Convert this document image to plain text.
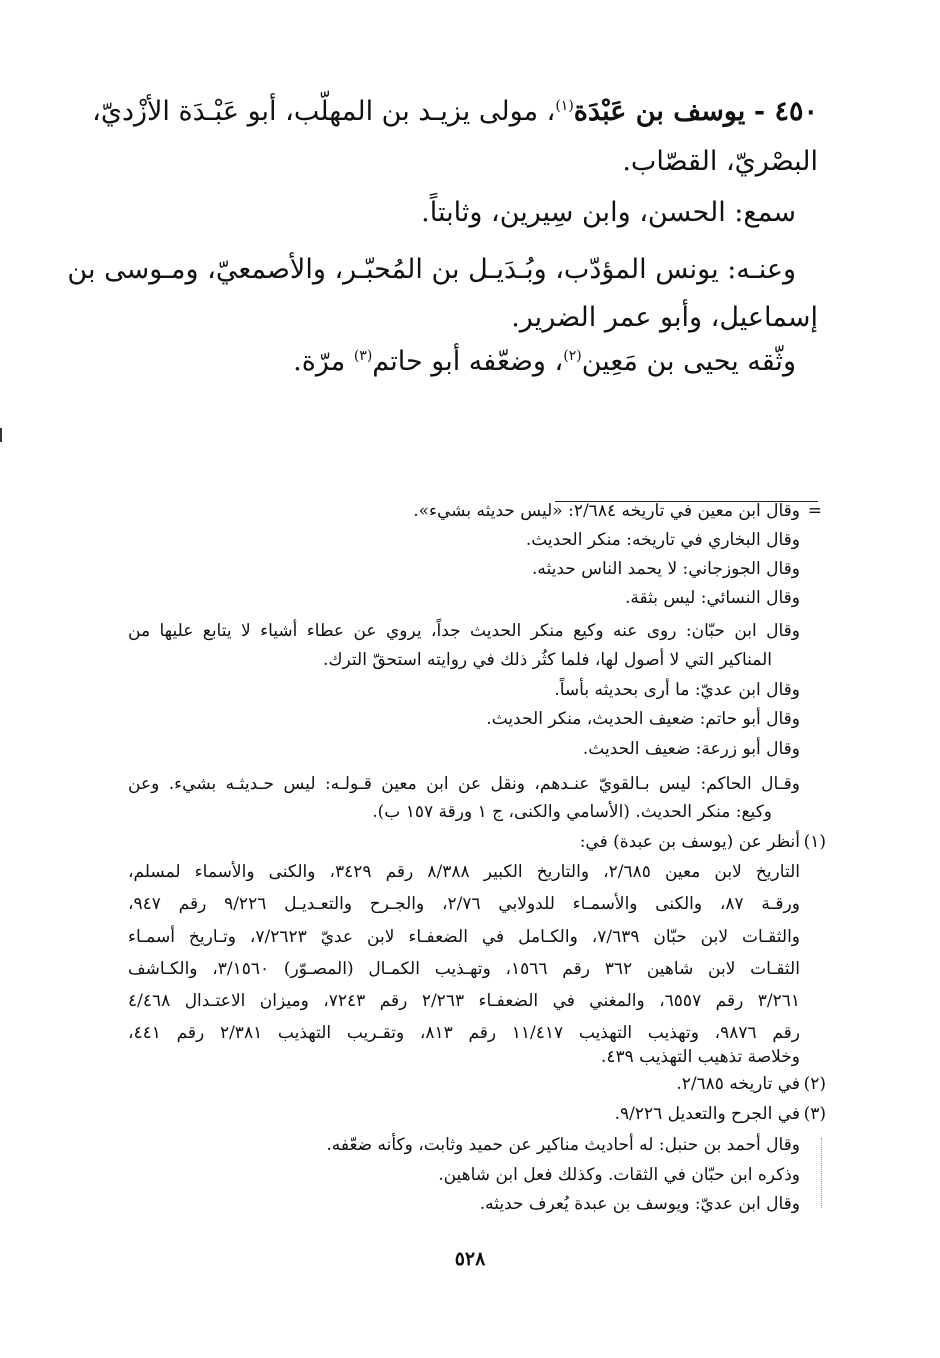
٤٥٠ - يوسف بن عَبْدَة$^{(١)}$، مولى يزيـد بن المهلّب، أبو عَبْـدَة الأزْديّ،
البصْريّ، القصّاب.
سمع: الحسن، وابن سِيرين، وثابتاً.
وعنـه: يونس المؤدّب، وبُـدَيـل بن المُحبّـر، والأصمعيّ، ومـوسى بن
إسماعيل، وأبو عمر الضرير.
وثّقه يحيى بن مَعِين$^{(٢)}$، وضعّفه أبو حاتم$^{(٣)}$ مرّة.
=
وقال ابن معين في تاريخه ٢/٦٨٤: «ليس حديثه بشيء».
وقال البخاري في تاريخه: منكر الحديث.
وقال الجوزجاني: لا يحمد الناس حديثه.
وقال النسائي: ليس بثقة.
وقال ابن حبّان: روى عنه وكيع منكر الحديث جداً، يروي عن عطاء أشياء لا يتابع عليها من
المناكير التي لا أصول لها، فلما كثُر ذلك في روايته استحقّ الترك.
وقال ابن عديّ: ما أرى بحديثه بأساً.
وقال أبو حاتم: ضعيف الحديث، منكر الحديث.
وقال أبو زرعة: ضعيف الحديث.
وقـال الحاكم: ليس بـالقويّ عنـدهم، ونقل عن ابن معين قـولـه: ليس حـديثـه بشيء. وعن
وكيع: منكر الحديث. (الأسامي والكنى، ج ١ ورقة ١٥٧ ب).
(١)
أنظر عن (يوسف بن عبدة) في:
التاريخ لابن معين ٢/٦٨٥، والتاريخ الكبير ٨/٣٨٨ رقم ٣٤٢٩، والكنى والأسماء لمسلم،
ورقـة ٨٧، والكنى والأسمـاء للدولابي ٢/٧٦، والجـرح والتعـديـل ٩/٢٢٦ رقم ٩٤٧،
والثقـات لابن حبّان ٧/٦٣٩، والكـامل في الضعفـاء لابن عديّ ٧/٢٦٢٣، وتـاريخ أسمـاء
الثقـات لابن شاهين ٣٦٢ رقم ١٥٦٦، وتهـذيب الكمـال (المصـوّر) ٣/١٥٦٠، والكـاشف
٣/٢٦١ رقم ٦٥٥٧، والمغني في الضعفـاء ٢/٢٦٣ رقم ٧٢٤٣، وميزان الاعتـدال ٤/٤٦٨
رقم ٩٨٧٦، وتهذيب التهذيب ١١/٤١٧ رقم ٨١٣، وتقـريب التهذيب ٢/٣٨١ رقم ٤٤١،
وخلاصة تذهيب التهذيب ٤٣٩.
(٢)
في تاريخه ٢/٦٨٥.
(٣)
في الجرح والتعديل ٩/٢٢٦.
وقال أحمد بن حنبل: له أحاديث مناكير عن حميد وثابت، وكأنه ضعّفه.
وذكره ابن حبّان في الثقات. وكذلك فعل ابن شاهين.
وقال ابن عديّ: ويوسف بن عبدة يُعرف حديثه.
٥٢٨
